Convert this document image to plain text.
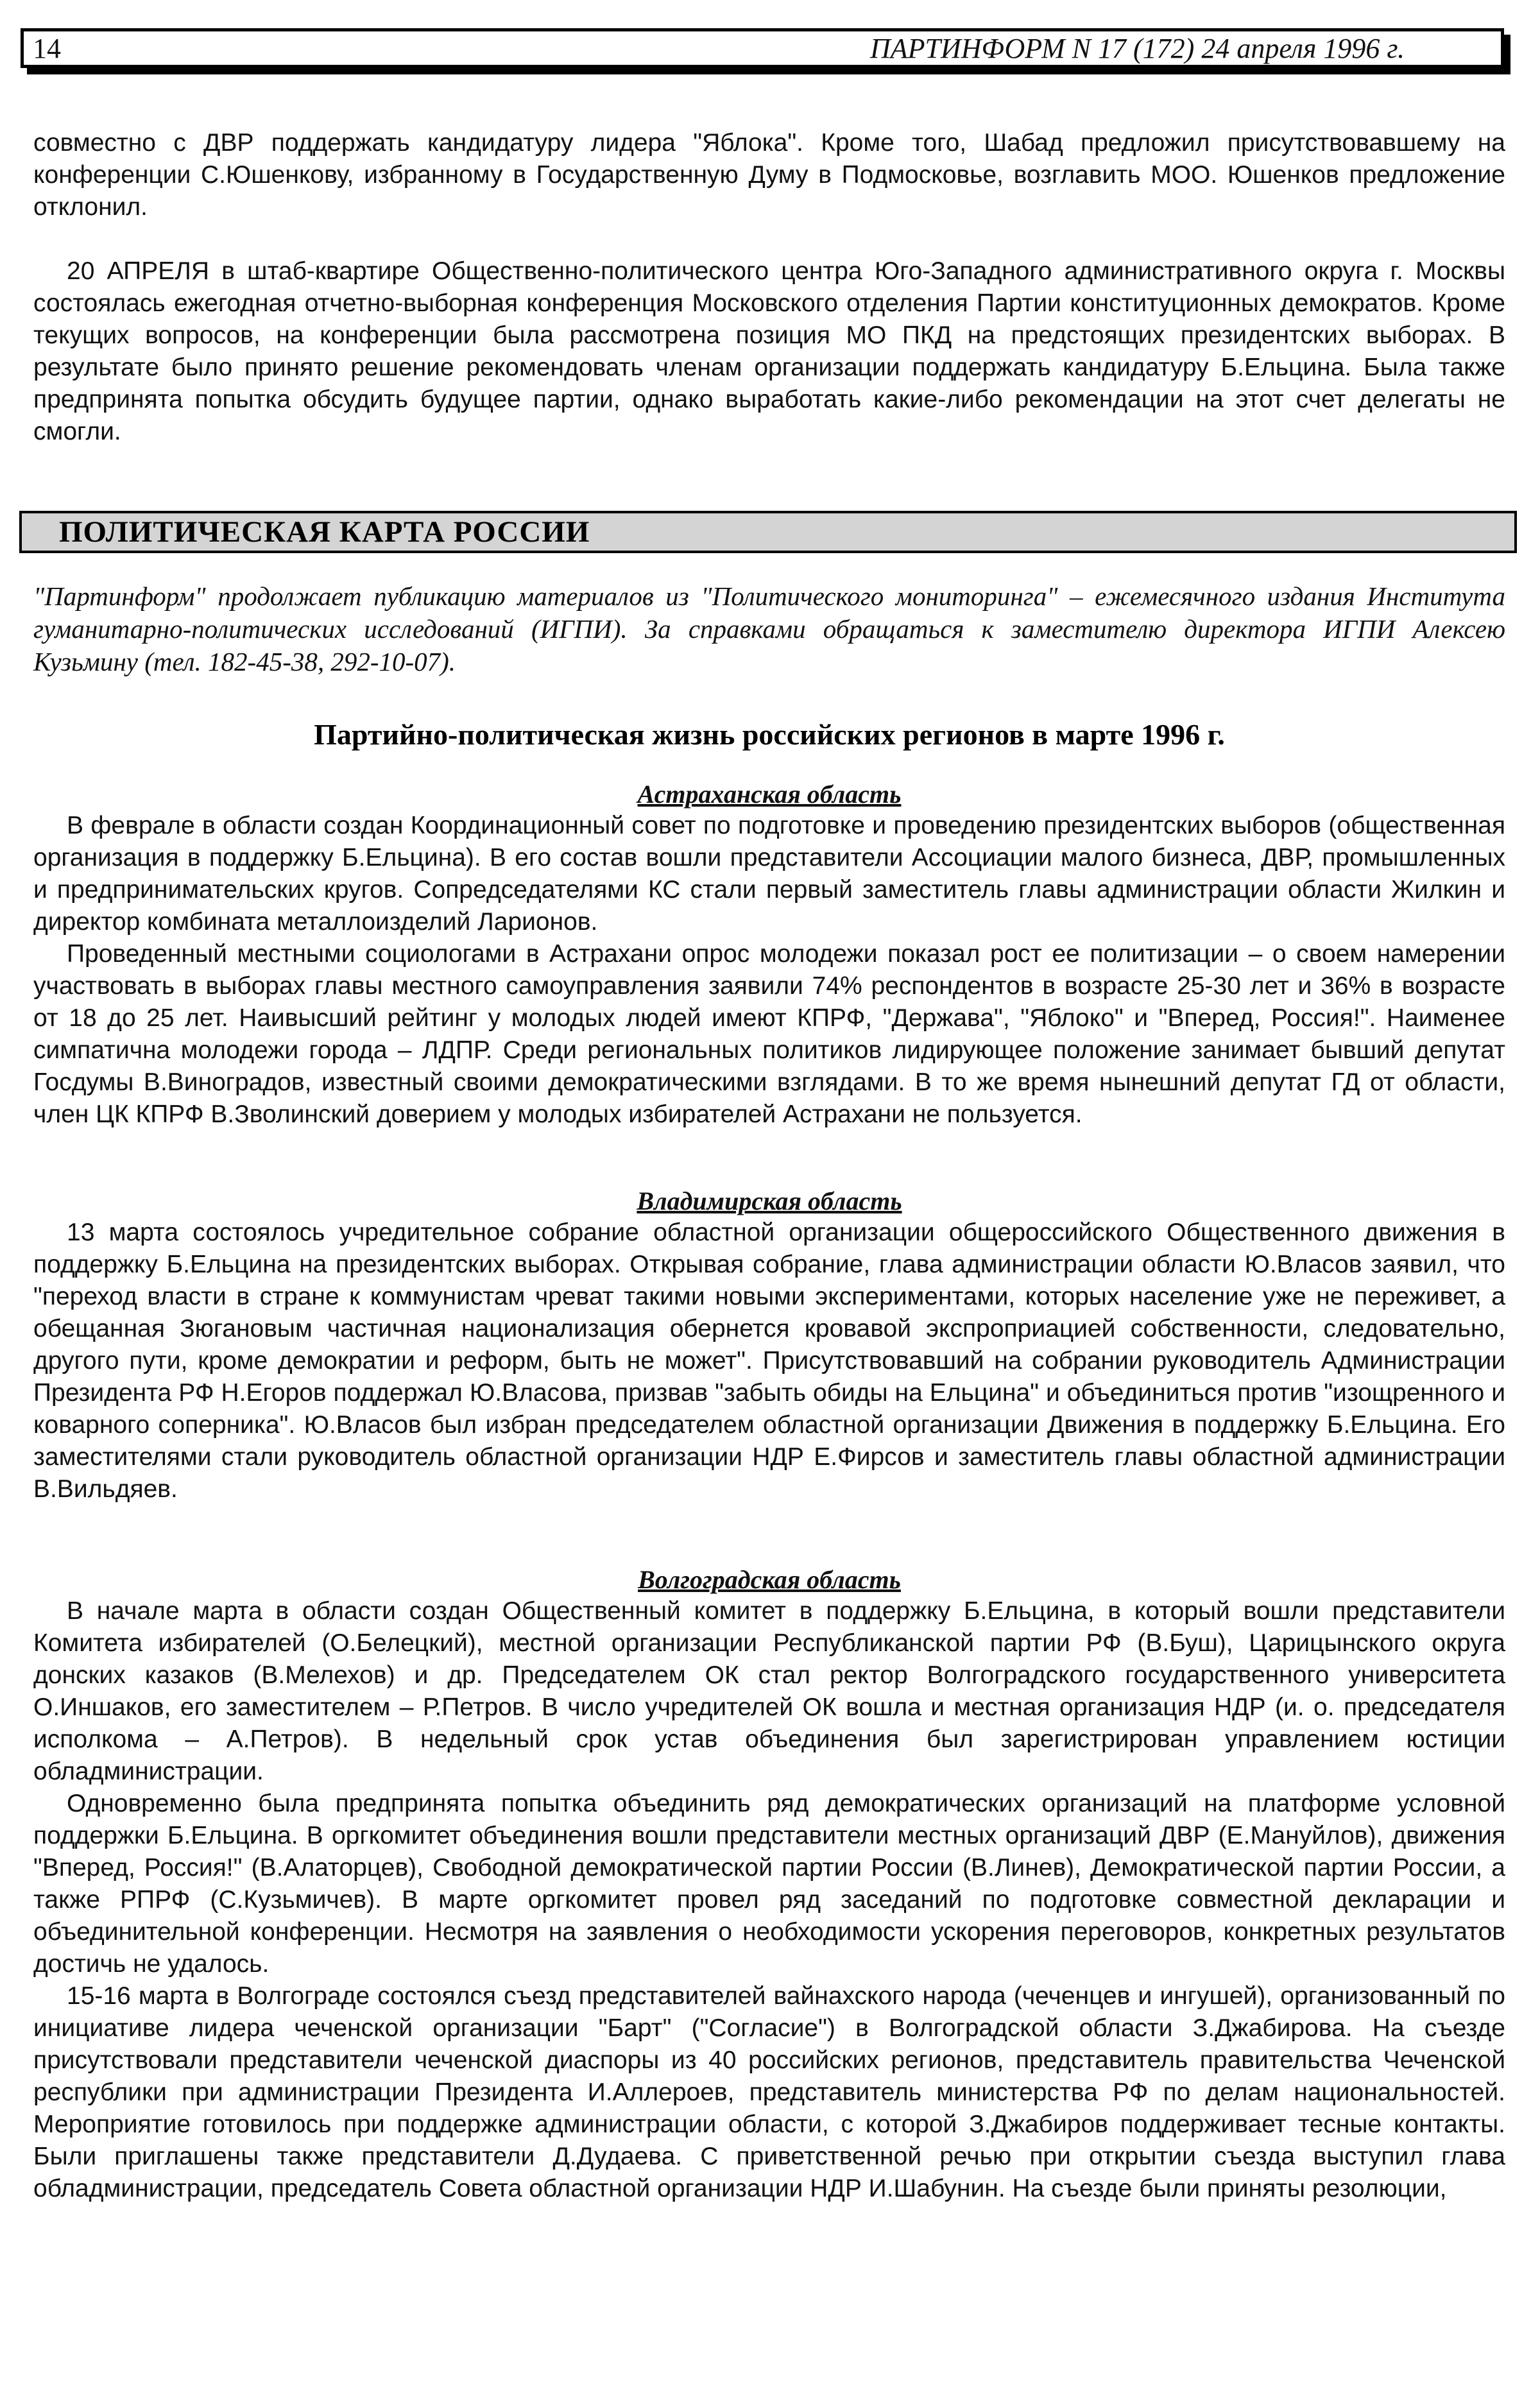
14	ПАРТИНФОРМ N 17 (172) 24 апреля 1996 г.

совместно с ДВР поддержать кандидатуру лидера "Яблока". Кроме того, Шабад предложил присутствовавшему на конференции С.Юшенкову, избранному в Государственную Думу в Подмосковье, возглавить МОО. Юшенков предложение отклонил.

20 АПРЕЛЯ в штаб-квартире Общественно-политического центра Юго-Западного административного округа г. Москвы состоялась ежегодная отчетно-выборная конференция Московского отделения Партии конституционных демократов. Кроме текущих вопросов, на конференции была рассмотрена позиция МО ПКД на предстоящих президентских выборах. В результате было принято решение рекомендовать членам организации поддержать кандидатуру Б.Ельцина. Была также предпринята попытка обсудить будущее партии, однако выработать какие-либо рекомендации на этот счет делегаты не смогли.

ПОЛИТИЧЕСКАЯ КАРТА РОССИИ

"Партинформ" продолжает публикацию материалов из "Политического мониторинга" – ежемесячного издания Института гуманитарно-политических исследований (ИГПИ). За справками обращаться к заместителю директора ИГПИ Алексею Кузьмину (тел. 182-45-38, 292-10-07).

Партийно-политическая жизнь российских регионов в марте 1996 г.

Астраханская область

В феврале в области создан Координационный совет по подготовке и проведению президентских выборов (общественная организация в поддержку Б.Ельцина). В его состав вошли представители Ассоциации малого бизнеса, ДВР, промышленных и предпринимательских кругов. Сопредседателями КС стали первый заместитель главы администрации области Жилкин и директор комбината металлоизделий Ларионов.

Проведенный местными социологами в Астрахани опрос молодежи показал рост ее политизации – о своем намерении участвовать в выборах главы местного самоуправления заявили 74% респондентов в возрасте 25-30 лет и 36% в возрасте от 18 до 25 лет. Наивысший рейтинг у молодых людей имеют КПРФ, "Держава", "Яблоко" и "Вперед, Россия!". Наименее симпатична молодежи города – ЛДПР. Среди региональных политиков лидирующее положение занимает бывший депутат Госдумы В.Виноградов, известный своими демократическими взглядами. В то же время нынешний депутат ГД от области, член ЦК КПРФ В.Зволинский доверием у молодых избирателей Астрахани не пользуется.

Владимирская область

13 марта состоялось учредительное собрание областной организации общероссийского Общественного движения в поддержку Б.Ельцина на президентских выборах. Открывая собрание, глава администрации области Ю.Власов заявил, что "переход власти в стране к коммунистам чреват такими новыми экспериментами, которых население уже не переживет, а обещанная Зюгановым частичная национализация обернется кровавой экспроприацией собственности, следовательно, другого пути, кроме демократии и реформ, быть не может". Присутствовавший на собрании руководитель Администрации Президента РФ Н.Егоров поддержал Ю.Власова, призвав "забыть обиды на Ельцина" и объединиться против "изощренного и коварного соперника". Ю.Власов был избран председателем областной организации Движения в поддержку Б.Ельцина. Его заместителями стали руководитель областной организации НДР Е.Фирсов и заместитель главы областной администрации В.Вильдяев.

Волгоградская область

В начале марта в области создан Общественный комитет в поддержку Б.Ельцина, в который вошли представители Комитета избирателей (О.Белецкий), местной организации Республиканской партии РФ (В.Буш), Царицынского округа донских казаков (В.Мелехов) и др. Председателем ОК стал ректор Волгоградского государственного университета О.Иншаков, его заместителем – Р.Петров. В число учредителей ОК вошла и местная организация НДР (и. о. председателя исполкома – А.Петров). В недельный срок устав объединения был зарегистрирован управлением юстиции обладминистрации.

Одновременно была предпринята попытка объединить ряд демократических организаций на платформе условной поддержки Б.Ельцина. В оргкомитет объединения вошли представители местных организаций ДВР (Е.Мануйлов), движения "Вперед, Россия!" (В.Алаторцев), Свободной демократической партии России (В.Линев), Демократической партии России, а также РПРФ (С.Кузьмичев). В марте оргкомитет провел ряд заседаний по подготовке совместной декларации и объединительной конференции. Несмотря на заявления о необходимости ускорения переговоров, конкретных результатов достичь не удалось.

15-16 марта в Волгограде состоялся съезд представителей вайнахского народа (чеченцев и ингушей), организованный по инициативе лидера чеченской организации "Барт" ("Согласие") в Волгоградской области З.Джабирова. На съезде присутствовали представители чеченской диаспоры из 40 российских регионов, представитель правительства Чеченской республики при администрации Президента И.Аллероев, представитель министерства РФ по делам национальностей. Мероприятие готовилось при поддержке администрации области, с которой З.Джабиров поддерживает тесные контакты. Были приглашены также представители Д.Дудаева. С приветственной речью при открытии съезда выступил глава обладминистрации, председатель Совета областной организации НДР И.Шабунин. На съезде были приняты резолюции,
